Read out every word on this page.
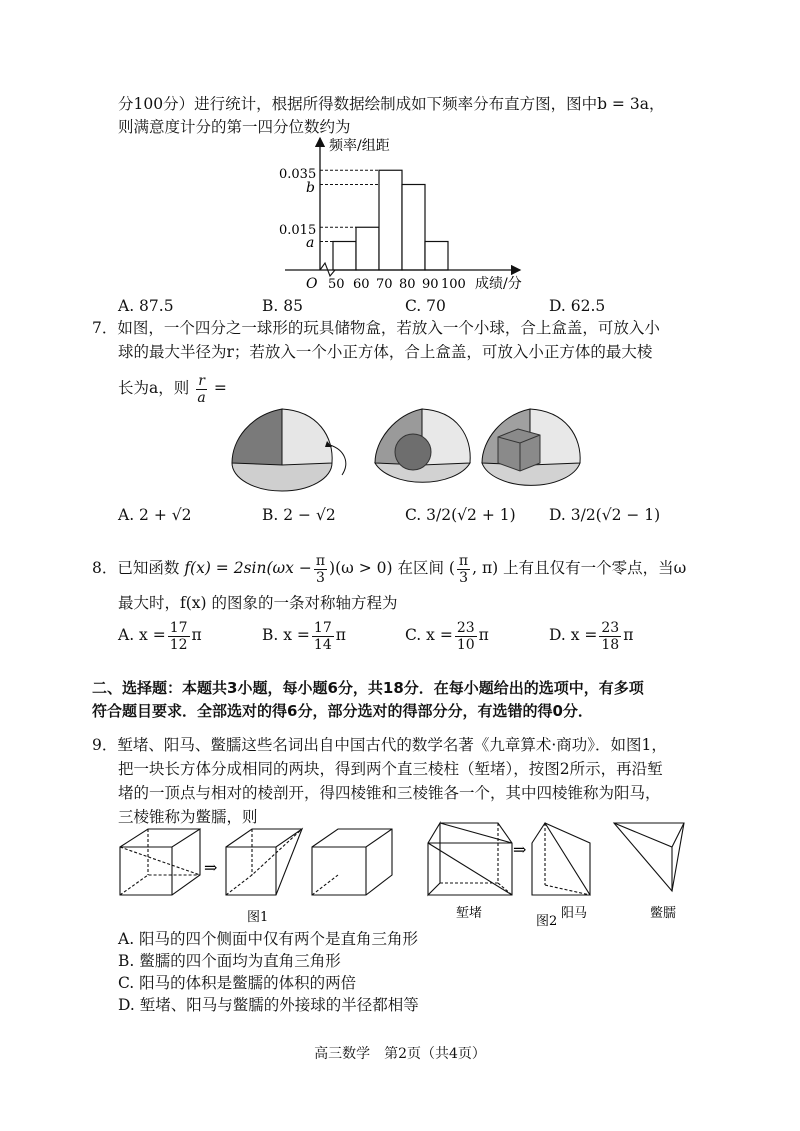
分100分）进行统计，根据所得数据绘制成如下频率分布直方图，图中b = 3a，
则满意度计分的第一四分位数约为
频率/组距
成绩/分
O
0.035
b
0.015
a
50 60 70 80 90 100
A. 87.5	B. 85	C. 70	D. 62.5
7．如图，一个四分之一球形的玩具储物盒，若放入一个小球，合上盒盖，可放入小
球的最大半径为r；若放入一个小正方体，合上盒盖，可放入小正方体的最大棱
长为a，则 $\frac{r}{a}$ =
A. 2 + √2	B. 2 − √2	C. 3/2(√2 + 1) D. 3/2(√2 − 1)
8．已知函数 $f(x) = 2\sin(\omega x - \frac{\pi}{3} )(\omega > 0)$ 在区间 ( $\frac{\pi}{3}$ , π) 上有且仅有一个零点，当ω
最大时，f(x) 的图象的一条对称轴方程为
A. $x = \frac{17}{12}$ π	B. $x = \frac{17}{14}$ π	C. $x = \frac{23}{10}$ π	D. $x = \frac{23}{18}$ π
二、选择题：本题共3小题，每小题6分，共18分．在每小题给出的选项中，有多项
符合题目要求．全部选对的得6分，部分选对的得部分分，有选错的得0分．
9．堑堵、阳马、鳖臑这些名词出自中国古代的数学名著《九章算术·商功》．如图1，
把一块长方体分成相同的两块，得到两个直三棱柱（堑堵），按图2所示，再沿堑
堵的一顶点与相对的棱剖开，得四棱锥和三棱锥各一个，其中四棱锥称为阳马，
三棱锥称为鳖臑，则
⇒
图1
⇒
堑堵	阳马	鳖臑
图2
A. 阳马的四个侧面中仅有两个是直角三角形
B. 鳖臑的四个面均为直角三角形
C. 阳马的体积是鳖臑的体积的两倍
D. 堑堵、阳马与鳖臑的外接球的半径都相等
高三数学　第2页（共4页）
